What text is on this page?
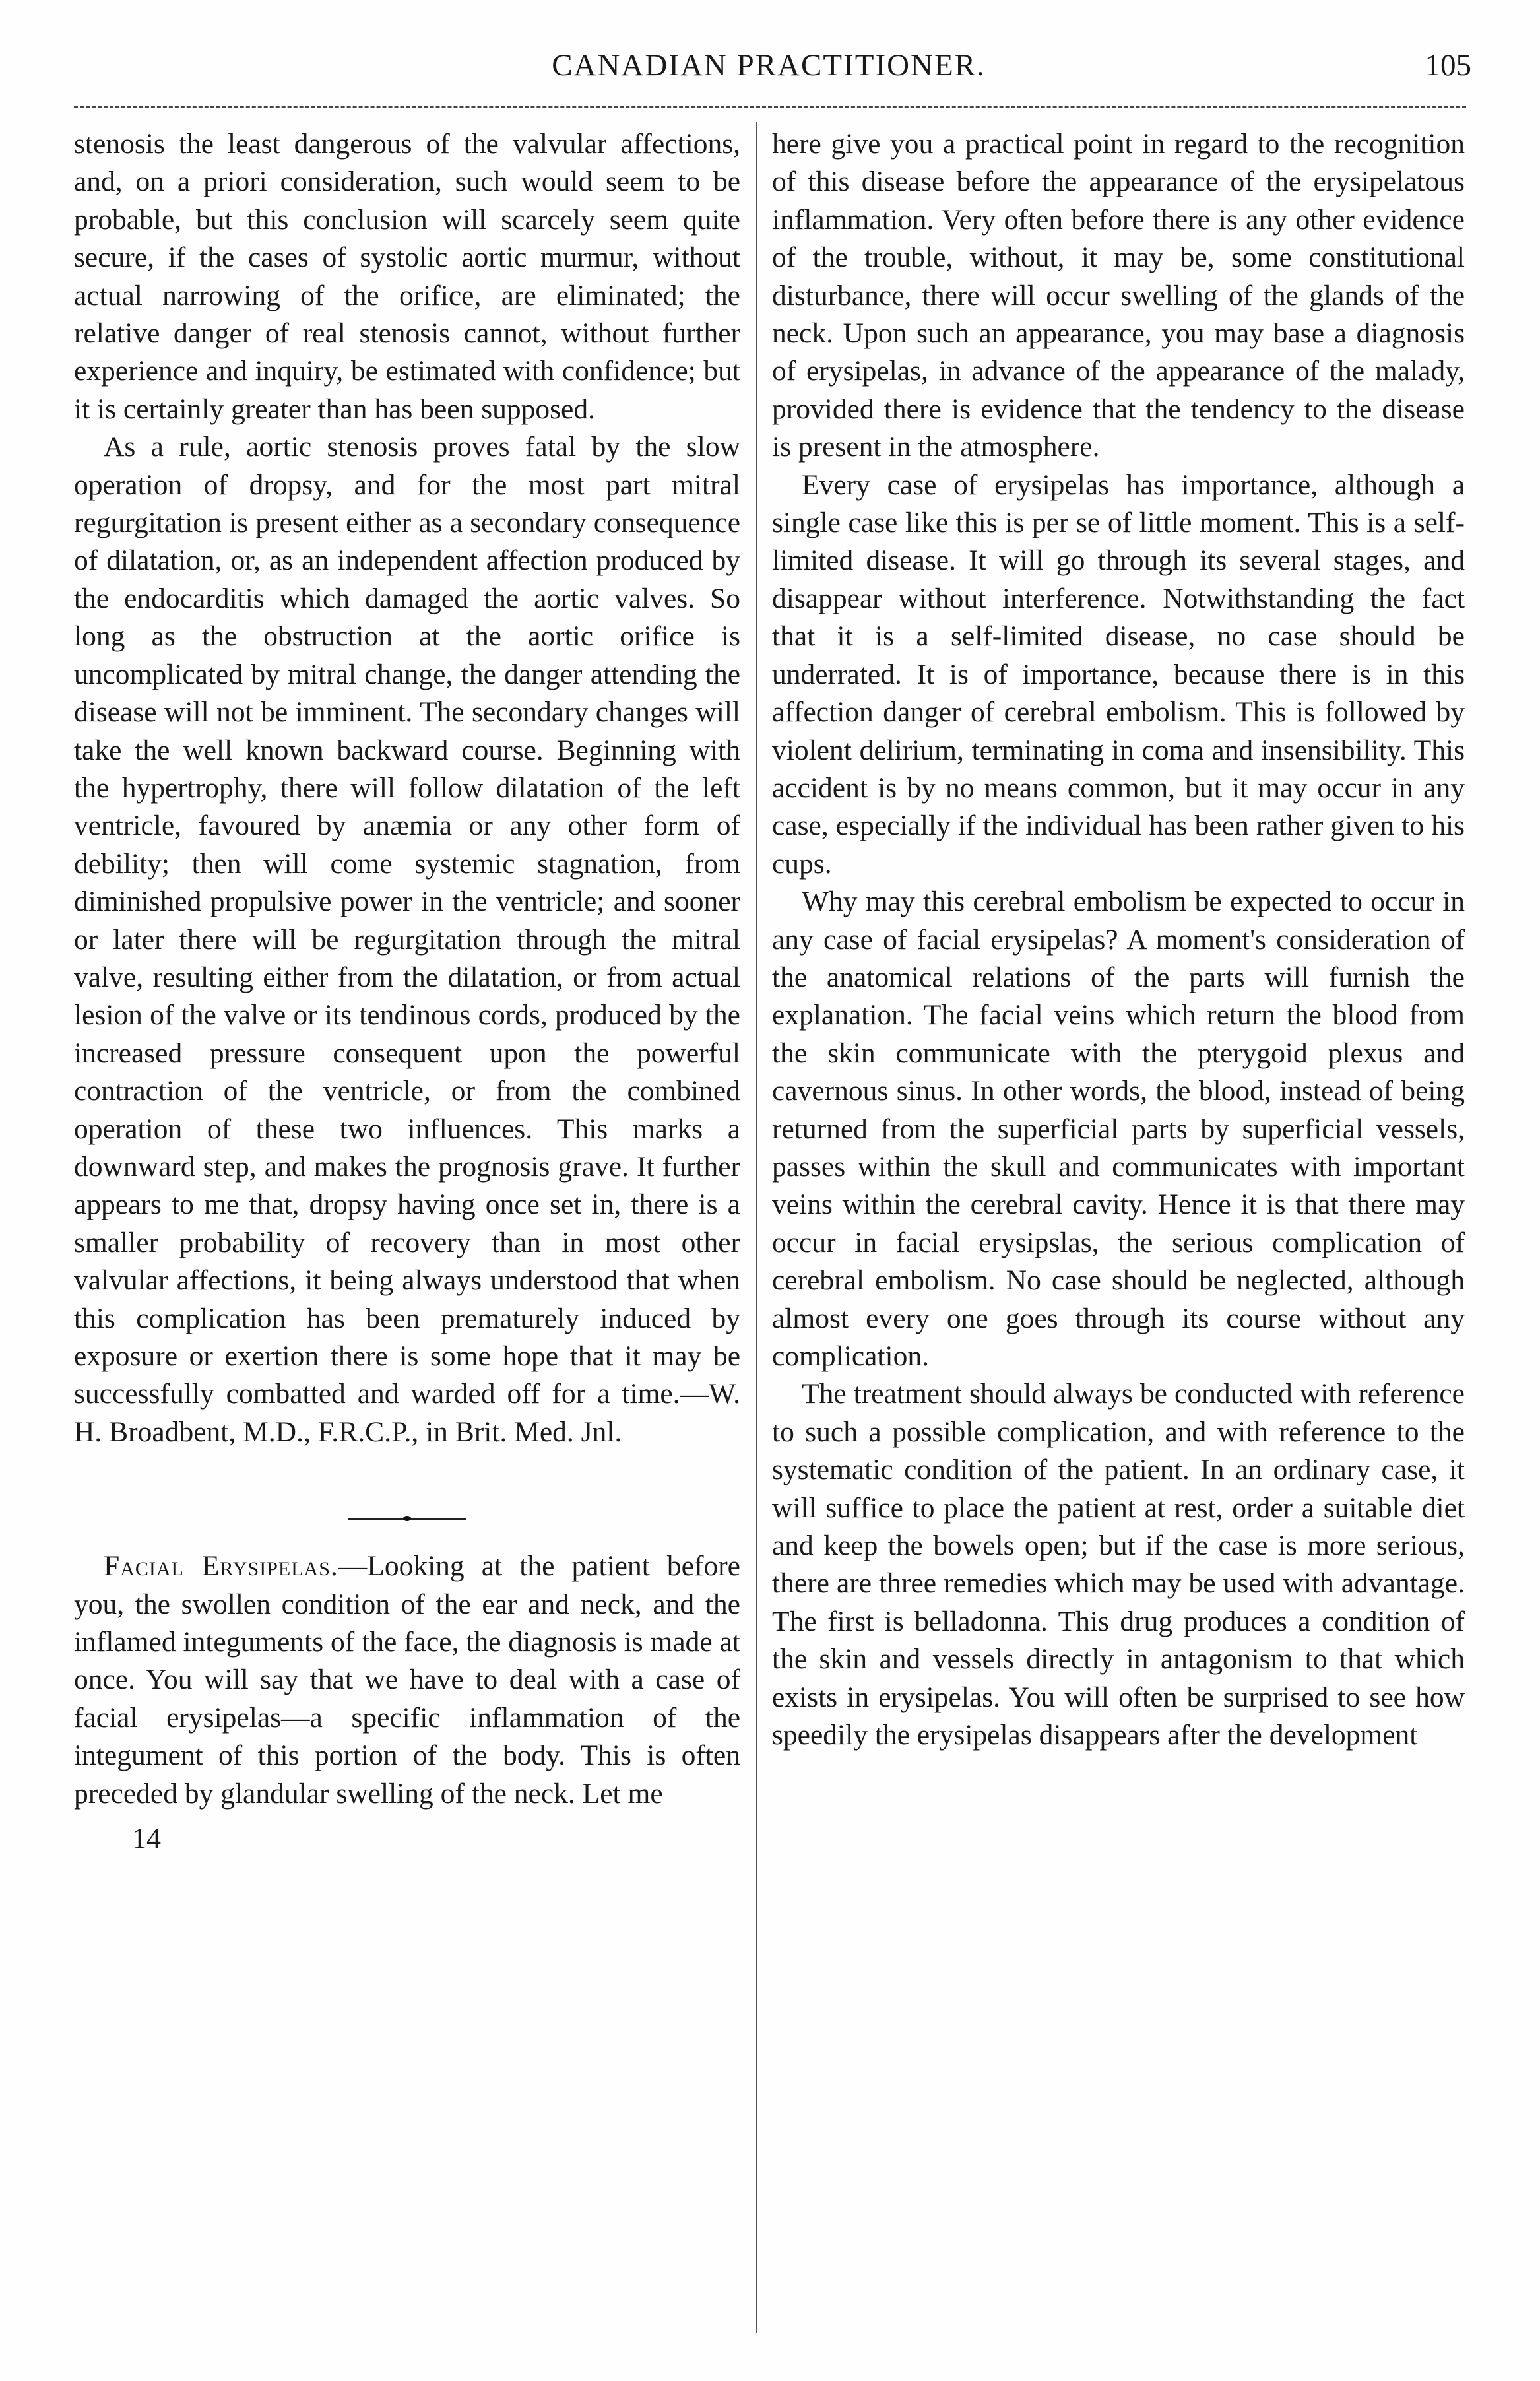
CANADIAN PRACTITIONER.	105

stenosis the least dangerous of the valvular affections, and, on a priori consideration, such would seem to be probable, but this conclusion will scarcely seem quite secure, if the cases of systolic aortic murmur, without actual narrowing of the orifice, are eliminated; the relative danger of real stenosis cannot, without further experience and inquiry, be estimated with confidence; but it is certainly greater than has been supposed.

As a rule, aortic stenosis proves fatal by the slow operation of dropsy, and for the most part mitral regurgitation is present either as a secondary consequence of dilatation, or, as an independent affection produced by the endocarditis which damaged the aortic valves. So long as the obstruction at the aortic orifice is uncomplicated by mitral change, the danger attending the disease will not be imminent. The secondary changes will take the well known backward course. Beginning with the hypertrophy, there will follow dilatation of the left ventricle, favoured by anæmia or any other form of debility; then will come systemic stagnation, from diminished propulsive power in the ventricle; and sooner or later there will be regurgitation through the mitral valve, resulting either from the dilatation, or from actual lesion of the valve or its tendinous cords, produced by the increased pressure consequent upon the powerful contraction of the ventricle, or from the combined operation of these two influences. This marks a downward step, and makes the prognosis grave. It further appears to me that, dropsy having once set in, there is a smaller probability of recovery than in most other valvular affections, it being always understood that when this complication has been prematurely induced by exposure or exertion there is some hope that it may be successfully combatted and warded off for a time.—W. H. Broadbent, M.D., F.R.C.P., in Brit. Med. Jnl.

Facial Erysipelas.—Looking at the patient before you, the swollen condition of the ear and neck, and the inflamed integuments of the face, the diagnosis is made at once. You will say that we have to deal with a case of facial erysipelas—a specific inflammation of the integument of this portion of the body. This is often preceded by glandular swelling of the neck. Let me

14

here give you a practical point in regard to the recognition of this disease before the appearance of the erysipelatous inflammation. Very often before there is any other evidence of the trouble, without, it may be, some constitutional disturbance, there will occur swelling of the glands of the neck. Upon such an appearance, you may base a diagnosis of erysipelas, in advance of the appearance of the malady, provided there is evidence that the tendency to the disease is present in the atmosphere.

Every case of erysipelas has importance, although a single case like this is per se of little moment. This is a self-limited disease. It will go through its several stages, and disappear without interference. Notwithstanding the fact that it is a self-limited disease, no case should be underrated. It is of importance, because there is in this affection danger of cerebral embolism. This is followed by violent delirium, terminating in coma and insensibility. This accident is by no means common, but it may occur in any case, especially if the individual has been rather given to his cups.

Why may this cerebral embolism be expected to occur in any case of facial erysipelas? A moment's consideration of the anatomical relations of the parts will furnish the explanation. The facial veins which return the blood from the skin communicate with the pterygoid plexus and cavernous sinus. In other words, the blood, instead of being returned from the superficial parts by superficial vessels, passes within the skull and communicates with important veins within the cerebral cavity. Hence it is that there may occur in facial erysipslas, the serious complication of cerebral embolism. No case should be neglected, although almost every one goes through its course without any complication.

The treatment should always be conducted with reference to such a possible complication, and with reference to the systematic condition of the patient. In an ordinary case, it will suffice to place the patient at rest, order a suitable diet and keep the bowels open; but if the case is more serious, there are three remedies which may be used with advantage. The first is belladonna. This drug produces a condition of the skin and vessels directly in antagonism to that which exists in erysipelas. You will often be surprised to see how speedily the erysipelas disappears after the development
